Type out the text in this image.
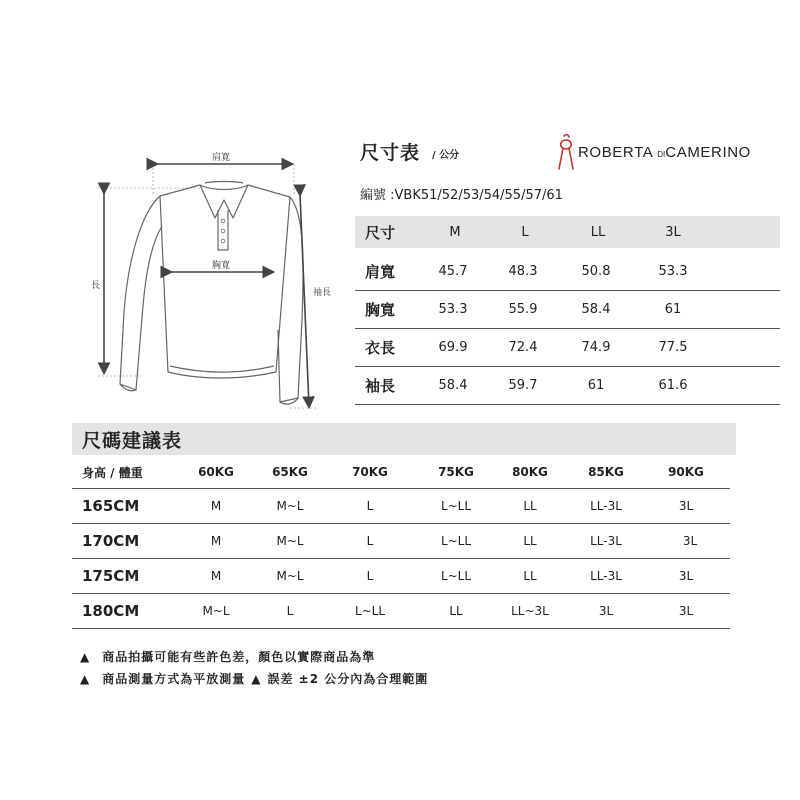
肩寬
胸寬
長
袖長
尺寸表 / 公分	ROBERTA DICAMERINO
編號 :VBK51/52/53/54/55/57/61
尺寸	M	L	LL	3L
肩寬	45.7	48.3	50.8	53.3
胸寬	53.3	55.9	58.4	61
衣長	69.9	72.4	74.9	77.5
袖長	58.4	59.7	61	61.6
尺碼建議表
身高 / 體重	60KG	65KG	70KG	75KG	80KG	85KG	90KG
165CM	M	M~L	L	L~LL	LL	LL-3L	3L
170CM	M	M~L	L	L~LL	LL	LL-3L	3L
175CM	M	M~L	L	L~LL	LL	LL-3L	3L
180CM	M~L	L	L~LL	LL	LL~3L	3L	3L
▲ 商品拍攝可能有些許色差，顏色以實際商品為準
▲ 商品測量方式為平放測量 ▲ 誤差 ±2 公分內為合理範圍
